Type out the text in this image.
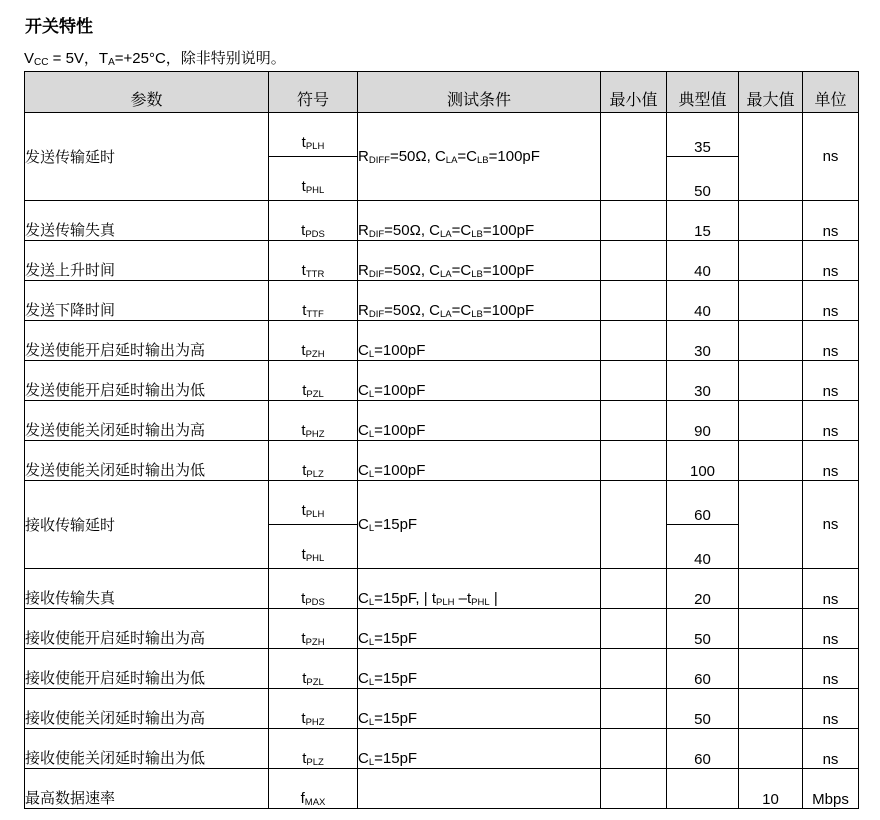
开关特性
$V_{CC} = 5V$，$T_A=+25^\circ C$，除非特别说明。
参数	符号	测试条件	最小值	典型值	最大值	单位
发送传输延时	$t_{PLH}$	$R_{DIFF}=50\Omega$, $C_{LA}=C_{LB}=100pF$		35		ns
	$t_{PHL}$			50		
发送传输失真	$t_{PDS}$	$R_{DIF}=50\Omega$, $C_{LA}=C_{LB}=100pF$		15		ns
发送上升时间	$t_{TTR}$	$R_{DIF}=50\Omega$, $C_{LA}=C_{LB}=100pF$		40		ns
发送下降时间	$t_{TTF}$	$R_{DIF}=50\Omega$, $C_{LA}=C_{LB}=100pF$		40		ns
发送使能开启延时输出为高	$t_{PZH}$	$C_L=100pF$		30		ns
发送使能开启延时输出为低	$t_{PZL}$	$C_L=100pF$		30		ns
发送使能关闭延时输出为高	$t_{PHZ}$	$C_L=100pF$		90		ns
发送使能关闭延时输出为低	$t_{PLZ}$	$C_L=100pF$		100		ns
接收传输延时	$t_{PLH}$	$C_L=15pF$		60		ns
	$t_{PHL}$			40		
接收传输失真	$t_{PDS}$	$C_L=15pF$, | $t_{PLH}$ $-t_{PHL}$ |		20		ns
接收使能开启延时输出为高	$t_{PZH}$	$C_L=15pF$		50		ns
接收使能开启延时输出为低	$t_{PZL}$	$C_L=15pF$		60		ns
接收使能关闭延时输出为高	$t_{PHZ}$	$C_L=15pF$		50		ns
接收使能关闭延时输出为低	$t_{PLZ}$	$C_L=15pF$		60		ns
最高数据速率	$f_{MAX}$				10	Mbps
